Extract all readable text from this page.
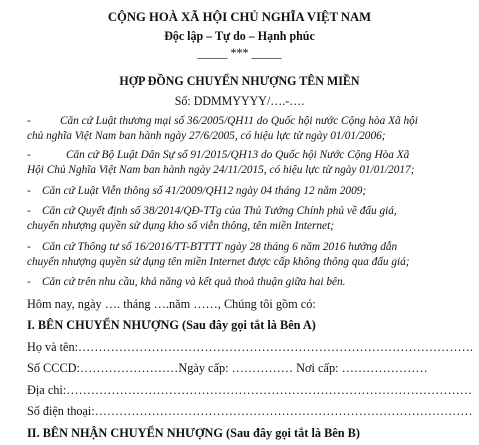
CỘNG HOÀ XÃ HỘI CHỦ NGHĨA VIỆT NAM
Độc lập – Tự do – Hạnh phúc
_____ *** _____
HỢP ĐỒNG CHUYỂN NHƯỢNG TÊN MIỀN
Số: DDMMYYYY/….-….
-	Căn cứ Luật thương mại số 36/2005/QH11 do Quốc hội nước Cộng hòa Xã hội
chủ nghĩa Việt Nam ban hành ngày 27/6/2005, có hiệu lực từ ngày 01/01/2006;
-	Căn cứ Bộ Luật Dân Sự số 91/2015/QH13 do Quốc hội Nước Cộng Hòa Xã
Hội Chủ Nghĩa Việt Nam ban hành ngày 24/11/2015, có hiệu lực từ ngày 01/01/2017;
- Căn cứ Luật Viễn thông số 41/2009/QH12 ngày 04 tháng 12 năm 2009;
- Căn cứ Quyết định số 38/2014/QĐ-TTg của Thủ Tướng Chính phủ về đấu giá,
chuyển nhượng quyền sử dụng kho số viễn thông, tên miền Internet;
- Căn cứ Thông tư số 16/2016/TT-BTTTT ngày 28 tháng 6 năm 2016 hướng dẫn
chuyển nhượng quyền sử dụng tên miền Internet được cấp không thông qua đấu giá;
- Căn cứ trên nhu cầu, khả năng và kết quả thoả thuận giữa hai bên.
Hôm nay, ngày …. tháng ….năm ……, Chúng tôi gồm có:
I. BÊN CHUYỂN NHƯỢNG (Sau đây gọi tắt là Bên A)
Họ và tên:…………………………………………………………………………………….
Số CCCD:……………………Ngày cấp: …………… Nơi cấp: …………………
Địa chỉ:………………………………………………………………………………………
Số điện thoại:…………………………………………………………………………………
II. BÊN NHẬN CHUYỂN NHƯỢNG (Sau đây gọi tắt là Bên B)
